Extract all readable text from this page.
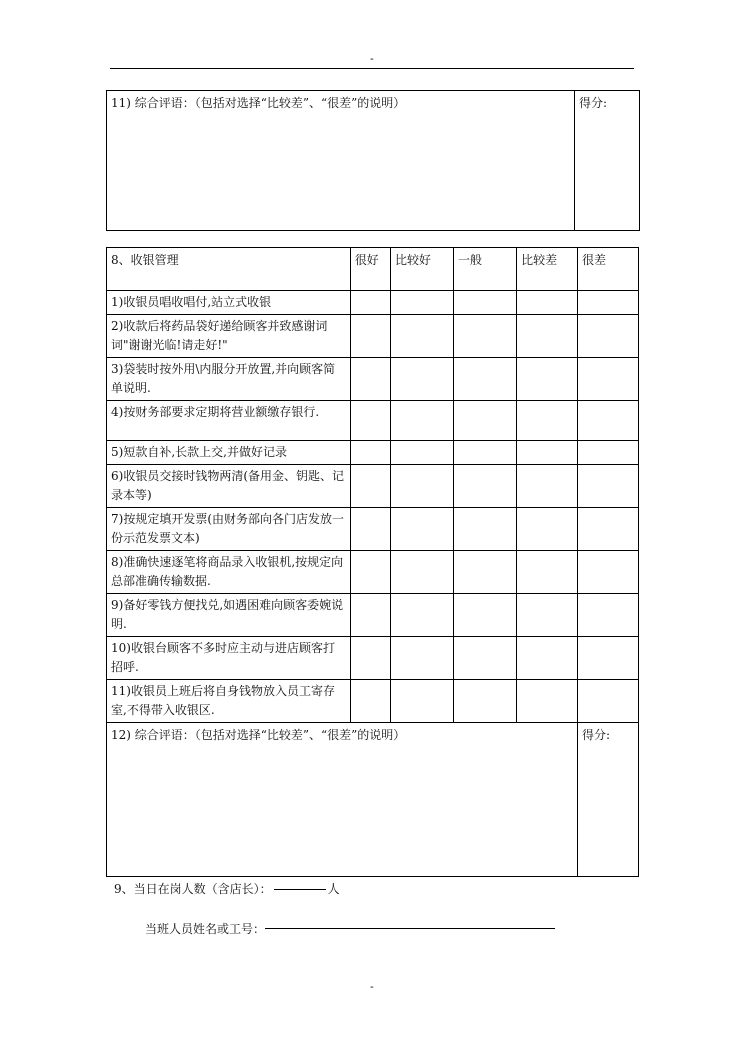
-
11) 综合评语：（包括对选择“比较差”、“很差”的说明）	得分:
8、收银管理	很好	比较好	一般	比较差	很差
1)收银员唱收唱付,站立式收银					
2)收款后将药品袋好递给顾客并致感谢词词"谢谢光临!请走好!"					
3)袋装时按外用\内服分开放置,并向顾客简单说明.					
4)按财务部要求定期将营业额缴存银行.					
5)短款自补,长款上交,并做好记录					
6)收银员交接时钱物两清(备用金、钥匙、记录本等)					
7)按规定填开发票(由财务部向各门店发放一份示范发票文本)					
8)准确快速逐笔将商品录入收银机,按规定向总部准确传输数据.					
9)备好零钱方便找兑,如遇困难向顾客委婉说明.					
10)收银台顾客不多时应主动与进店顾客打招呼.					
11)收银员上班后将自身钱物放入员工寄存室,不得带入收银区.					
12) 综合评语：（包括对选择“比较差”、“很差”的说明）					得分:
9、当日在岗人数（含店长）：	人
当班人员姓名或工号：
-
